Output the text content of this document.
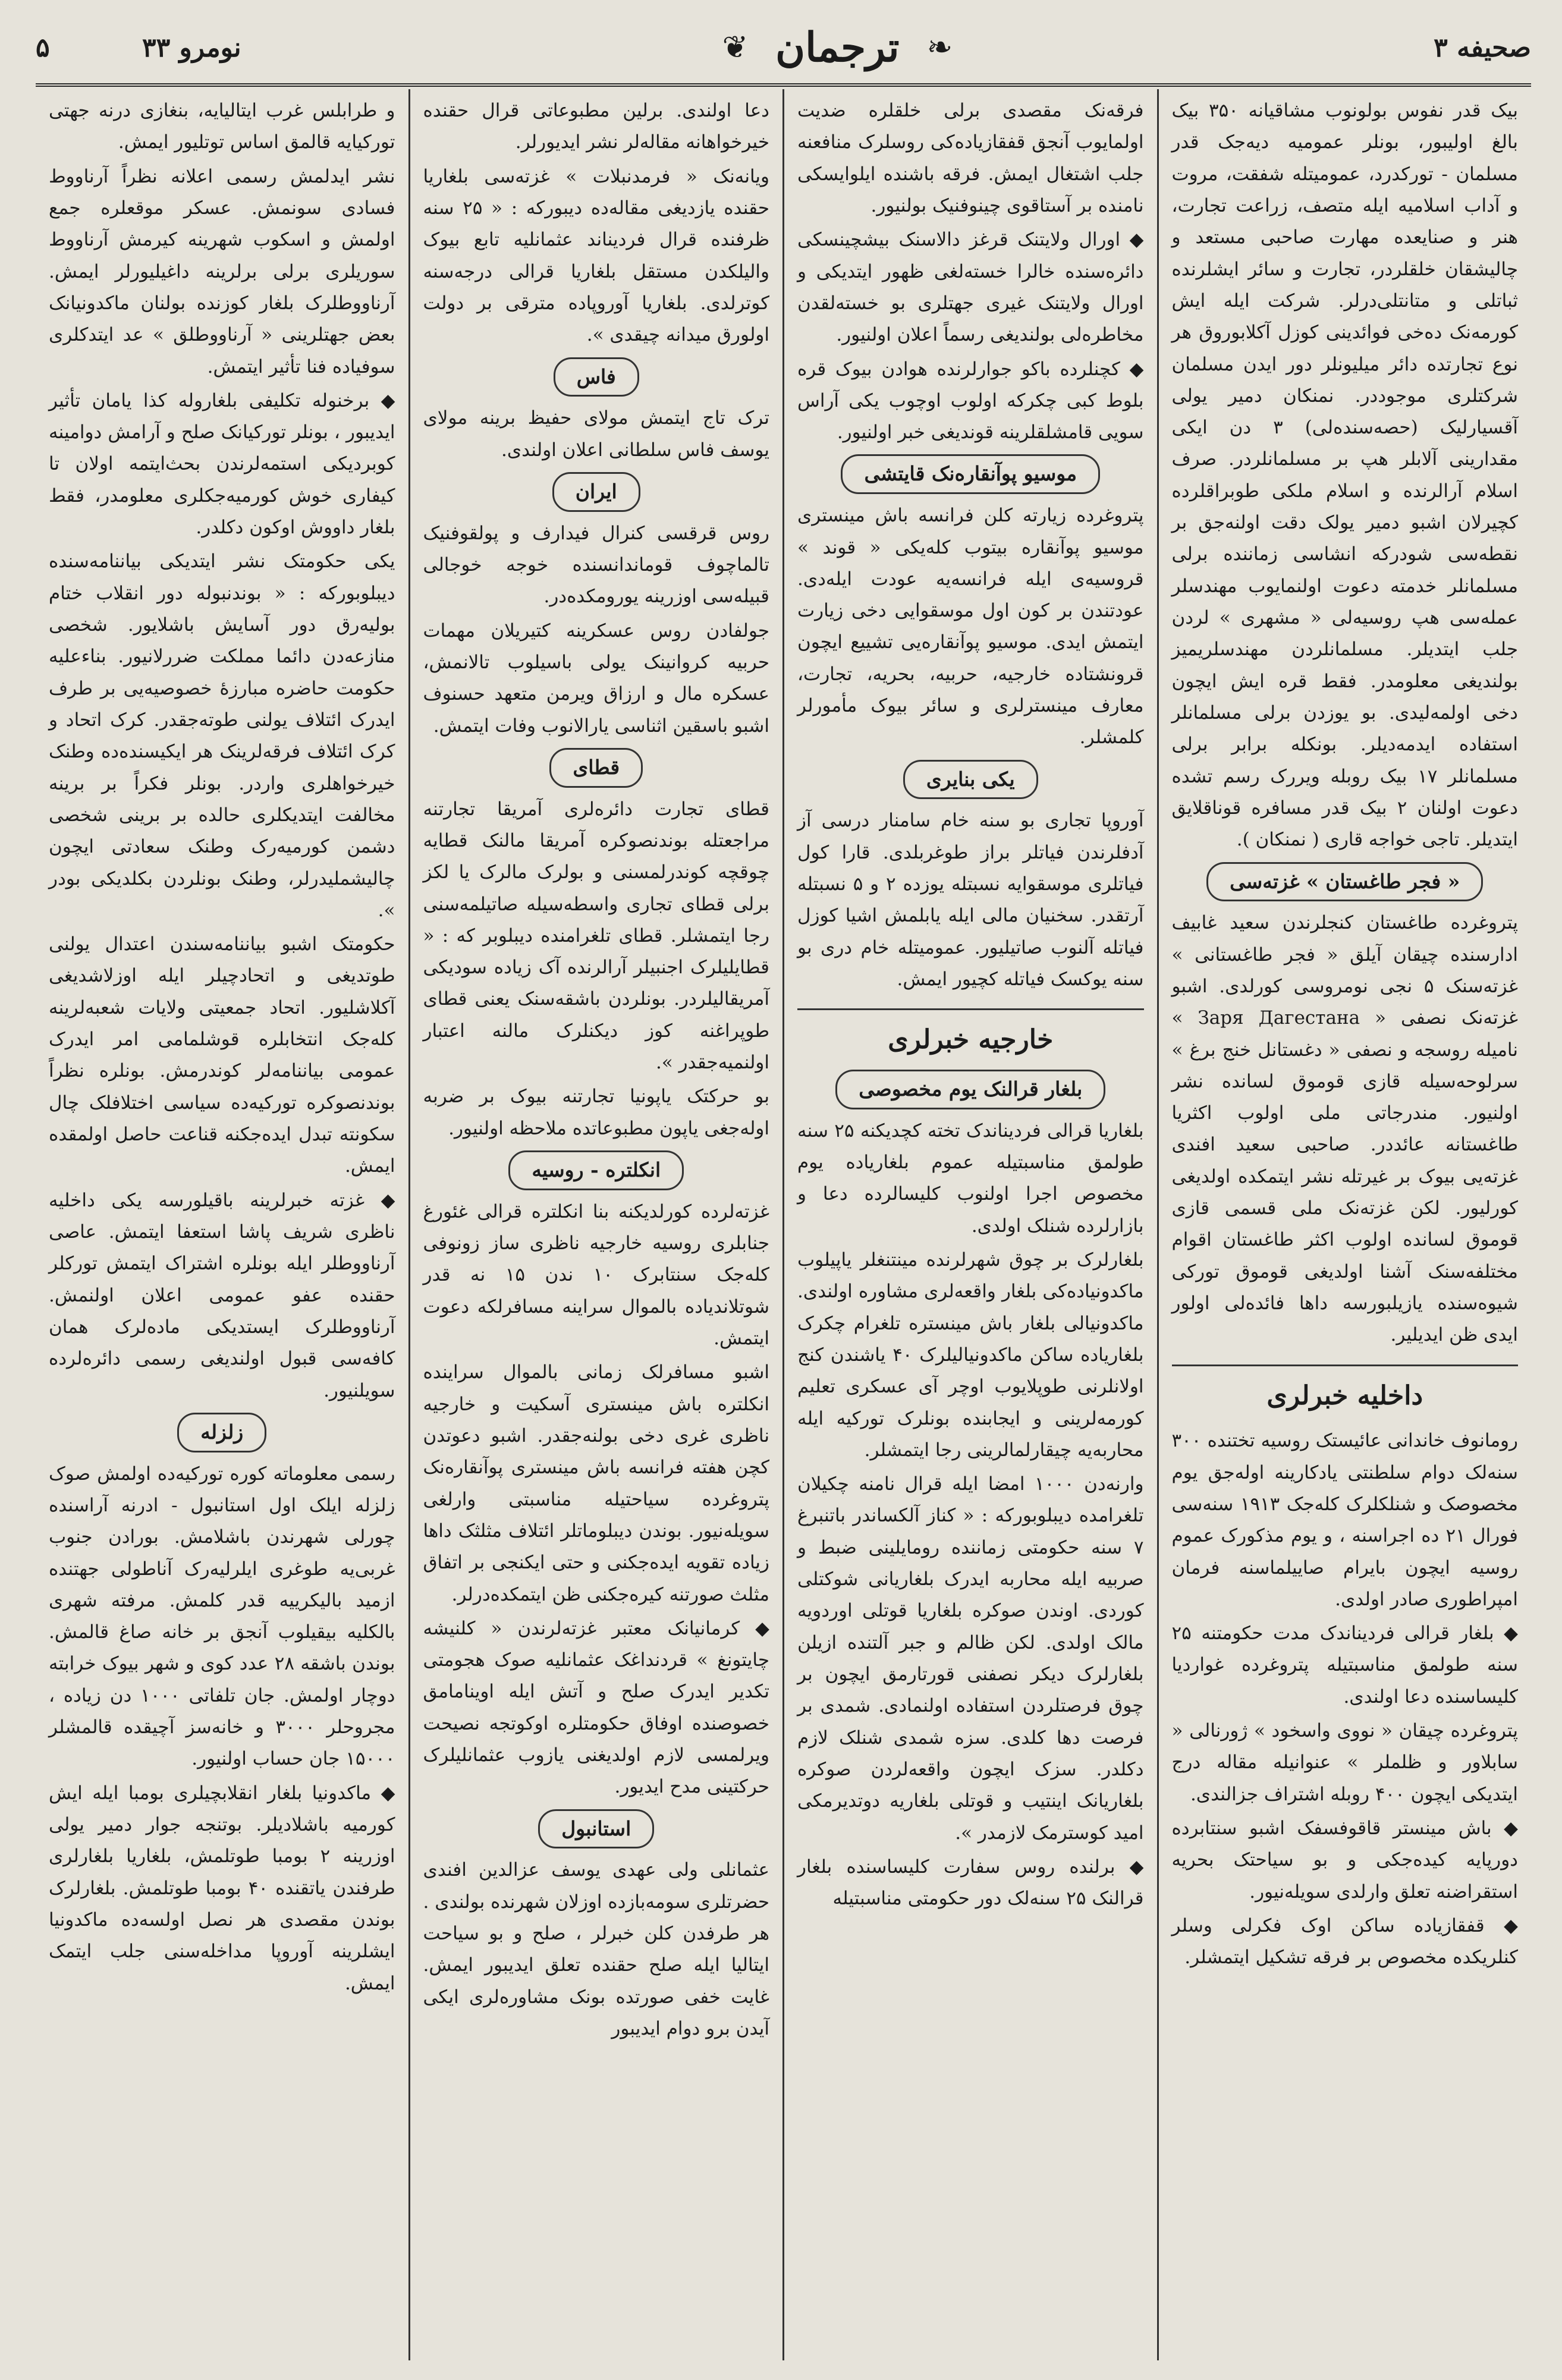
صحیفه ۳
❦ ترجمان ❧
نومرو ۳۳ ۵

بیک قدر نفوس بولونوب مشاقیانه ۳۵۰ بیک بالغ اولیبور، بونلر عمومیه دیه‌جک قدر مسلمان - تورکدرد، عمومیتله شفقت، مروت و آداب اسلامیه ایله متصف، زراعت تجارت، هنر و صنایعده مهارت صاحبی مستعد و چالیشقان خلقلردر، تجارت و سائر ایشلرنده ثباتلی و متانتلی‌درلر. شرکت ایله ایش کورمه‌نک ده‌خی فوائدینی کوزل آکلابوروق هر نوع تجارتده دائر میلیونلر دور ایدن مسلمان شرکتلری موجوددر. نمنکان دمیر یولی آقسیارلیک (حصه‌سنده‌لی) ۳ دن ایکی مقدارینی آلابلر هپ بر مسلمانلردر. صرف اسلام آرالرنده و اسلام ملکی طوبراقلرده کچیرلان اشبو دمیر یولک دقت اولنه‌جق بر نقطه‌سی شودرکه انشاسی زماننده برلی مسلمانلر خدمته دعوت اولنمایوب مهندسلر عمله‌سی هپ روسیه‌لی « مشهری » لردن جلب ایتدیلر. مسلمانلردن مهندسلریمیز بولندیغی معلومدر. فقط قره ایش ایچون دخی اولمه‌لیدی. بو یوزدن برلی مسلمانلر استفاده ایدمه‌دیلر. بونکله برابر برلی مسلمانلر ۱۷ بیک روبله ویررک رسم تشده دعوت اولنان ۲ بیک قدر مسافره قوناقلایق ایتدیلر. تاجی خواجه‌ قاری ( نمنکان ).

« فجر طاغستان » غزته‌سی

پتروغرده طاغستان کنجلرندن سعید غابیف ادارسنده چیقان آیلق « فجر طاغستانی » غزته‌سنک ۵ نجی نومروسی کورلدی. اشبو غزته‌نک نصفی « Заря Дагестана » نامیله روسجه و نصفی « دغستانل خنج برغ » سرلوحه‌سیله قازی قوموق لسانده نشر اولنیور. مندرجاتی ملی اولوب اکثریا طاغستانه عائددر. صاحبی سعید افندی غزته‌یی بیوک بر غیرتله نشر ایتمکده اولدیغی کورلیور. لکن غزته‌نک ملی قسمی قازی قوموق لسانده اولوب اکثر طاغستان اقوام مختلفه‌سنک آشنا اولدیغی قوموق تورکی شیوه‌سنده یازیلبورسه داها فائده‌لی اولور ایدی ظن ایدیلیر.

داخلیه خبرلری

رومانوف خاندانی عائیستک روسیه تختنده ۳۰۰ سنه‌لک دوام سلطنتی یادکارینه اوله‌جق یوم مخصوصک و شنلکلرک کله‌جک ۱۹۱۳ سنه‌سی فورال ۲۱ ده اجراسنه ، و یوم مذکورک عموم روسیه ایچون بایرام صاییلماسنه فرمان امپراطوری صادر اولدی.

◆ بلغار قرالی فردیناندک مدت حکومتنه ۲۵ سنه طولمق مناسبتیله پتروغرده غواردیا کلیساسنده دعا اولندی.

پتروغرده چیقان « نووی واسخود » ژورنالی « سابلاور و ظلملر » عنوانیله مقاله درج ایتدیکی ایچون ۴۰۰ روبله اشتراف جزالندی.

◆ باش مینستر قاقوفسفک اشبو سنتابرده دورپایه کیده‌جکی و بو سیاحتک بحریه استقراضنه تعلق وارلدی سویله‌نیور.

◆ قفقازیاده ساکن اوک فکرلی وسلر کنلریکده مخصوص بر فرقه تشکیل ایتمشلر.

فرقه‌نک مقصدی برلی خلقلره ضدیت اولمایوب آنجق قفقازیاده‌کی روسلرک منافعنه جلب اشتغال ایمش. فرقه باشنده ایلوایسکی نامنده بر آستاقوی چینوفنیک بولنیور.

◆ اورال ولایتنک قرغز دالاسنک بیشچینسکی دائره‌سنده خالرا خسته‌لغی ظهور ایتدیکی و اورال ولایتنک غیری جهتلری بو خسته‌لقدن مخاطره‌لی بولندیغی رسماً اعلان اولنیور.

◆ کچنلرده باکو جوارلرنده هوادن بیوک قره بلوط کبی چکرکه اولوب اوچوب یکی آراس سویی قامشلقلرینه قوندیغی خبر اولنیور.

موسیو پوآنقاره‌نک قایتشی

پتروغرده زیارته کلن فرانسه باش مینستری موسیو پوآنقاره بیتوب کله‌یکی « قوند » قروسیه‌ی ایله فرانسه‌یه عودت ایله‌دی. عودتندن بر کون اول موسقوایی دخی زیارت ایتمش ایدی. موسیو پوآنقاره‌یی تشییع ایچون قرونشتاده خارجیه، حربیه، بحریه، تجارت، معارف مینسترلری و سائر بیوک مأمورلر کلمشلر.

یکی بنایری

آوروپا تجاری بو سنه خام سامنار درسی آز آدفلرندن فیاتلر براز طوغربلدی. قارا کول فیاتلری موسقوایه نسبتله یوزده ۲ و ۵ نسبتله آرتقدر. سخنیان مالی ایله یابلمش اشیا کوزل فیاتله آلنوب صاتیلیور. عمومیتله خام دری بو سنه یوکسک فیاتله کچیور ایمش.

خارجیه خبرلری
بلغار قرالنک یوم مخصوصی

بلغاریا قرالی فردیناندک تخته کچدیکنه ۲۵ سنه طولمق مناسبتیله عموم بلغاریاده یوم مخصوص اجرا اولنوب کلیسالرده دعا و بازارلرده شنلک اولدی.

بلغارلرک بر چوق شهرلرنده مینتنغلر یاپیلوب ماکدونیاده‌کی بلغار واقعه‌لری مشاوره اولندی. ماکدونیالی بلغار باش مینستره تلغرام چکرک بلغاریاده ساکن ماکدونیالیلرک ۴۰ یاشندن کنج اولانلرنی طوپلایوب اوچر آی عسکری تعلیم کورمه‌لرینی و ایجابنده بونلرک تورکیه ایله محاربه‌یه چیقارلمالرینی رجا ایتمشلر.

وارنه‌دن ۱۰۰۰ امضا ایله قرال نامنه چکیلان تلغرامده دیبلوبورکه : « کناز آلکساندر باتنبرغ ۷ سنه حکومتی زماننده رومایلینی ضبط و صربیه ایله محاربه ایدرک بلغاریانی شوکتلی کوردی. اوندن صوکره بلغاریا قوتلی اوردویه مالک اولدی. لکن ظالم و جبر آلتنده ازیلن بلغارلرک دیکر نصفنی قورتارمق ایچون بر چوق فرصتلردن استفاده اولنمادی. شمدی بر فرصت دها کلدی. سزه شمدی شنلک لازم دکلدر. سزک ایچون واقعه‌لردن صوکره بلغاریانک اینتیب و قوتلی بلغاریه دوتدیرمکی امید کوسترمک لازمدر ».

◆ برلنده روس سفارت کلیساسنده بلغار قرالنک ۲۵ سنه‌لک دور حکومتی مناسبتیله

دعا اولندی. برلین مطبوعاتی قرال حقنده خیرخواهانه مقاله‌لر نشر ایدیورلر.

ویانه‌نک « فرمدنبلات » غزته‌سی بلغاریا حقنده یازدیغی مقاله‌ده دیبورکه : « ۲۵ سنه ظرفنده قرال فردیناند عثمانلیه تابع بیوک والیلکدن مستقل بلغاریا قرالی درجه‌سنه کوترلدی. بلغاریا آوروپاده مترقی بر دولت اولورق میدانه چیقدی ».

فاس

ترک تاج ایتمش مولای حفیظ برینه مولای یوسف فاس سلطانی اعلان اولندی.

ایران

روس قرقسی کنرال فیدارف و پولقوفنیک تالماچوف قوماندانسنده خوجه خوجالی قبیله‌سی اوزرینه یورومکده‌در.

جولفادن روس عسکرینه کتیریلان مهمات حربیه کروانینک یولی باسیلوب تالانمش، عسکره مال و ارزاق ویرمن متعهد حسنوف اشبو باسقین اثناسی یارالانوب وفات ایتمش.

قطای

قطای تجارت دائره‌لری آمریقا تجارتنه مراجعتله بوندنصوکره آمریقا مالنک قطایه چوقچه کوندرلمسنی و بولرک مالرک یا لکز برلی قطای تجاری واسطه‌سیله صاتیلمه‌سنی رجا ایتمشلر. قطای تلغرامنده دیبلوبر که : « قطایلیلرک اجنبیلر آرالرنده آک زیاده سودیکی آمریقالیلردر. بونلردن باشقه‌سنک یعنی قطای طوپراغنه کوز دیکنلرک مالنه اعتبار اولنمیه‌جقدر ».

بو حرکتک یاپونیا تجارتنه بیوک بر ضربه اوله‌جغی یاپون مطبوعاتده ملاحظه اولنیور.

انکلتره - روسیه

غزته‌لرده کورلدیکنه بنا انکلتره قرالی غئورغ جنابلری روسیه خارجیه ناظری ساز زونوفی کله‌جک سنتابرک ۱۰ ندن ۱۵ نه قدر شوتلاندیاده بالموال سراینه مسافرلکه دعوت ایتمش.

اشبو مسافرلک زمانی بالموال سراینده انکلتره باش مینستری آسکیت و خارجیه ناظری غری دخی بولنه‌جقدر. اشبو دعوتدن کچن هفته فرانسه باش مینستری پوآنقاره‌نک پتروغرده سیاحتیله مناسبتی وارلغی سویله‌نیور. بوندن دیبلوماتلر ائتلاف مثلثک داها زیاده تقویه ایده‌جکنی و حتی ایکنجی بر اتفاق مثلث صورتنه کیره‌جکنی ظن ایتمکده‌درلر.

◆ کرمانیانک معتبر غزته‌لرندن « کلنیشه چایتونغ » قردنداغک عثمانلیه صوک هجومتی تکدیر ایدرک صلح و آتش ایله اوینامامق خصوصنده اوفاق حکومتلره اوکوتجه نصیحت ویرلمسی لازم اولدیغنی یازوب عثمانلیلرک حرکتینی مدح ایدیور.

استانبول

عثمانلی ولی عهدی یوسف عزالدین افندی حضرتلری سومه‌بازده اوزلان شهرنده بولندی . هر طرفدن کلن خبرلر ، صلح و بو سیاحت ایتالیا ایله صلح حقنده تعلق ایدیبور ایمش. غایت خفی صورتده بونک مشاوره‌لری ایکی آیدن برو دوام ایدیبور

و طرابلس غرب ایتالیایه، بنغازی درنه جهتی تورکیایه قالمق اساس تو‌تلیور ایمش.

نشر ایدلمش رسمی اعلانه نظراً آرناووط فسادی سونمش. عسکر موقعلره جمع اولمش و اسکوب شهرینه کیرمش آرناووط سوریلری برلی برلرینه داغیلیورلر ایمش. آرناووطلرک بلغار کوزنده بولنان ماکدونیانک بعض جهتلرینی « آرناووطلق » عد ایتدکلری سوفیاده فنا تأثیر ایتمش.

◆ برخنوله تکلیفی بلغاروله کذا یامان تأثیر ایدیبور ، بونلر تورکیانک صلح و آرامش دوامینه کوبردیکی استمه‌لرندن بحث‌ایتمه‌ اولان تا کیفاری خوش کورمیه‌جکلری معلومدر، فقط بلغار داووش اوکون دکلدر.

یکی حکومتک نشر ایتدیکی بیاننامه‌سنده دیبلوبورکه : « بوندنبوله دور انقلاب ختام بولیه‌رق دور آسایش باشلایور. شخصی منازعه‌دن دائما مملکت ضررلانیور. بناءعلیه حکومت حاضره مبارزهٔ خصوصیه‌یی بر طرف ایدرک ائتلاف یولنی طوته‌جقدر. کرک اتحاد و کرک ائتلاف فرقه‌لرینک هر ایکیسنده‌ده وطنک خیرخواهلری واردر. بونلر فکراً بر برینه مخالفت ایتدیکلری حالده بر برینی شخصی دشمن کورمیه‌رک وطنک سعادتی ایچون چالیشملیدرلر، وطنک بونلردن بکلدیکی بودر ».

حکومتک اشبو بیاننامه‌سندن اعتدال یولنی طوتدیغی و اتحادچیلر ایله اوزلاشدیغی آکلاشلیور. اتحاد جمعیتی ولایات شعبه‌لرینه کله‌جک انتخابلره قوشلمامی امر ایدرک عمومی بیاننامه‌لر کوندرمش. بونلره نظراً بوندنصوکره تورکیه‌ده سیاسی اختلافلک چال سکونته تبدل ایده‌جکنه قناعت حاصل اولمقده ایمش.

◆ غزته خبرلرینه باقیلورسه یکی داخلیه ناظری شریف پاشا استعفا ایتمش. عاصی آرناووطلر ایله بونلره اشتراک ایتمش تورکلر حقنده عفو عمومی اعلان اولنمش. آرناووطلرک ایستدیکی ماده‌لرک همان کافه‌سی قبول اولندیغی رسمی دائره‌لرده سویلنیور.

زلزله

رسمی معلوماته کوره تورکیه‌ده اولمش صوک زلزله ایلک اول استانبول - ادرنه آراسنده چورلی شهرندن باشلامش. بورادن جنوب غربی‌یه طوغری ایلرلیه‌رک آناطولی جهتنده ازمید بالیکرییه قدر کلمش. مرفته شهری بالکلیه بیقیلوب آنجق بر خانه صاغ قالمش. بوندن باشقه ۲۸ عدد کوی و شهر بیوک خرابته دوچار اولمش. جان تلفاتی ۱۰۰۰ دن زیاده ، مجروحلر ۳۰۰۰ و خانه‌سز آچیقده قالمشلر ۱۵۰۰۰ جان حساب اولنیور.

◆ ماکدونیا بلغار انقلابچیلری بومبا ایله ایش کورمیه باشلادیلر. بوتنجه جوار دمیر یولی اوزرینه ۲ بومبا طوتلمش، بلغاریا بلغارلری طرفندن یاتقنده ۴۰ بومبا طوتلمش. بلغارلرک بوندن مقصدی هر نصل اولسه‌ده ماکدونیا ایشلرینه آوروپا مداخله‌سنی جلب ایتمک ایمش.
